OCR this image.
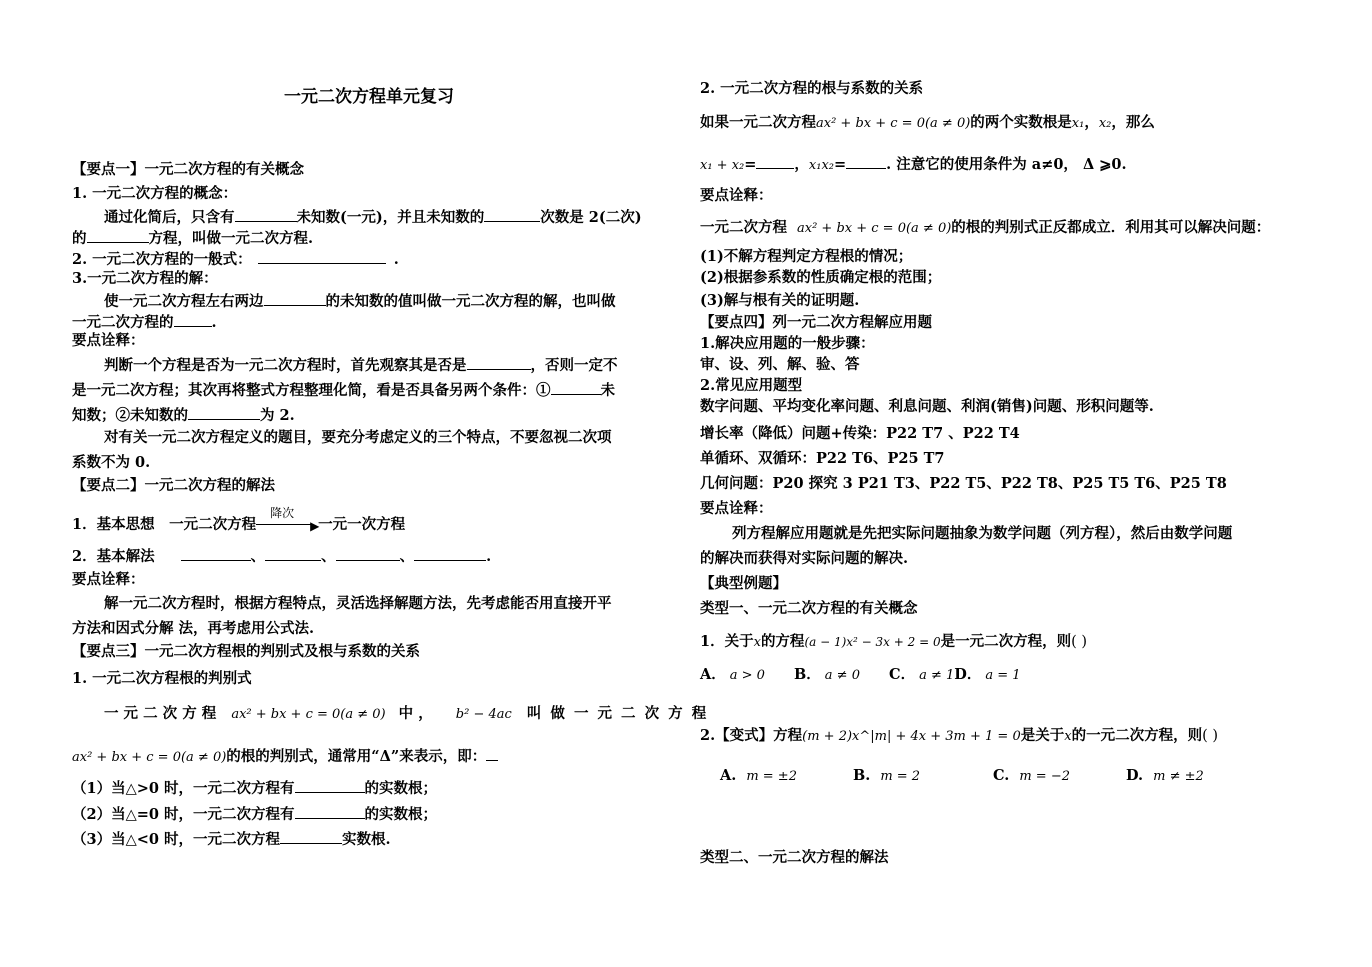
一元二次方程单元复习
【要点一】一元二次方程的有关概念
1. 一元二次方程的概念：
通过化简后，只含有	未知数(一元)，并且未知数的	次数是 2(二次)
的	方程，叫做一元二次方程.
2. 一元二次方程的一般式：	.
3.一元二次方程的解：
使一元二次方程左右两边	的未知数的值叫做一元二次方程的解，也叫做
一元二次方程的	.
要点诠释：
判断一个方程是否为一元二次方程时，首先观察其是否是	，否则一定不
是一元二次方程；其次再将整式方程整理化简，看是否具备另两个条件：①	未
知数；②未知数的	为 2.
对有关一元二次方程定义的题目，要充分考虑定义的三个特点，不要忽视二次项
系数不为 0.
【要点二】一元二次方程的解法
1．基本思想　一元二次方程
降次
▶
一元一次方程
2．基本解法	、	、	、	.
要点诠释：
解一元二次方程时，根据方程特点，灵活选择解题方法，先考虑能否用直接开平
方法和因式分解 法，再考虑用公式法.
【要点三】一元二次方程根的判别式及根与系数的关系
1. 一元二次方程根的判别式
一 元 二 次 方 程 ax² + bx + c = 0(a ≠ 0) 中 ， b² − 4ac 叫 做 一 元 二 次 方 程
ax² + bx + c = 0(a ≠ 0)的根的判别式，通常用“Δ”来表示，即：
（1）当△>0 时，一元二次方程有	的实数根；
（2）当△=0 时，一元二次方程有	的实数根；
（3）当△<0 时，一元二次方程	实数根.
2. 一元二次方程的根与系数的关系
如果一元二次方程ax² + bx + c = 0(a ≠ 0)的两个实数根是x₁，x₂，那么
x₁ + x₂=	，x₁x₂=	. 注意它的使用条件为 a≠0， Δ ⩾0.
要点诠释：
一元二次方程 ax² + bx + c = 0(a ≠ 0)的根的判别式正反都成立．利用其可以解决问题：
(1)不解方程判定方程根的情况；
(2)根据参系数的性质确定根的范围；
(3)解与根有关的证明题.
【要点四】列一元二次方程解应用题
1.解决应用题的一般步骤：
审、设、列、解、验、答
2.常见应用题型
数字问题、平均变化率问题、利息问题、利润(销售)问题、形积问题等.
增长率（降低）问题+传染：P22 T7 、P22 T4
单循环、双循环：P22 T6、P25 T7
几何问题：P20 探究 3 P21 T3、P22 T5、P22 T8、P25 T5 T6、P25 T8
要点诠释：
列方程解应用题就是先把实际问题抽象为数学问题（列方程），然后由数学问题
的解决而获得对实际问题的解决.
【典型例题】
类型一、一元二次方程的有关概念
1．关于x的方程(a − 1)x² − 3x + 2 = 0是一元二次方程，则( )
A． a > 0 B． a ≠ 0 C． a ≠ 1D． a = 1
2.【变式】方程(m + 2)x^|m| + 4x + 3m + 1 = 0是关于x的一元二次方程，则( )
A. m = ±2	B. m = 2	C. m = −2	D. m ≠ ±2
类型二、一元二次方程的解法
